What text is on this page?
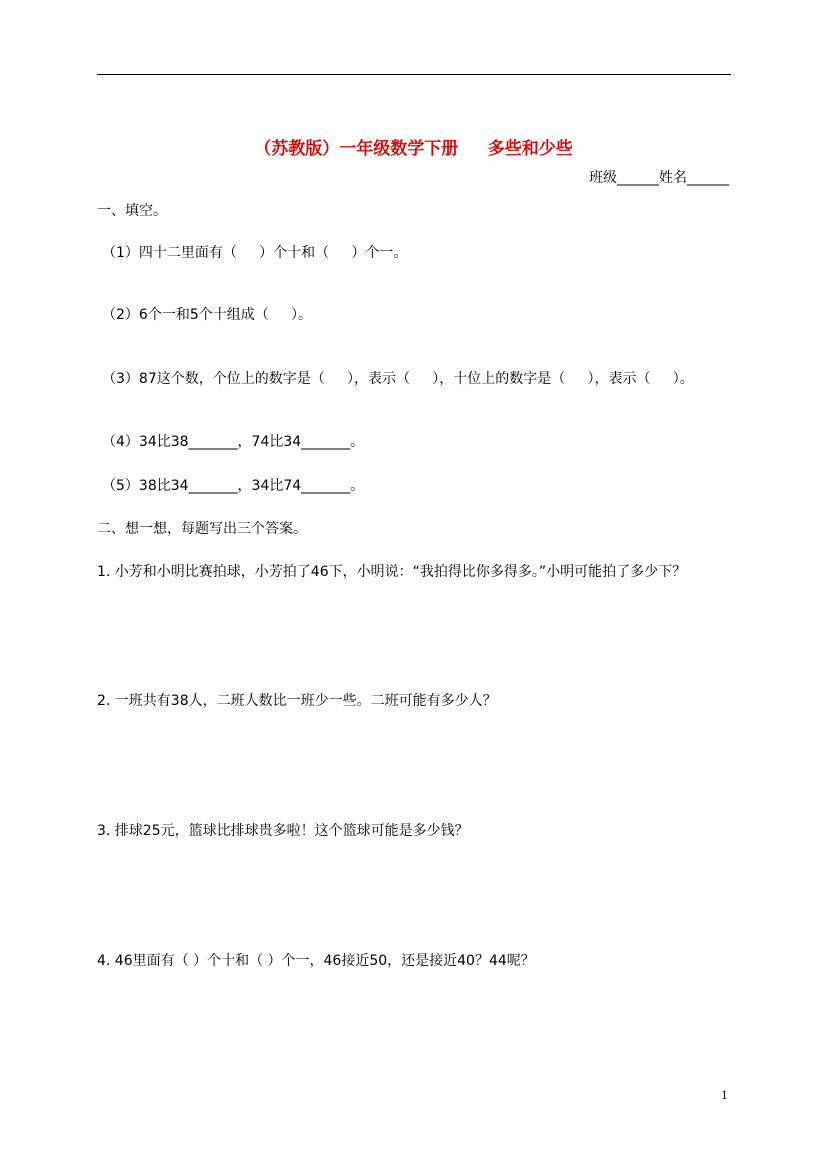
（苏教版）一年级数学下册     多些和少些
班级______姓名______
一、填空。
（1）四十二里面有（     ）个十和（     ）个一。
（2）6个一和5个十组成（     ）。
（3）87这个数，个位上的数字是（     ），表示（     ），十位上的数字是（     ），表示（     ）。
（4）34比38_______，74比34_______。
（5）38比34_______，34比74_______。
二、想一想，每题写出三个答案。
1. 小芳和小明比赛拍球，小芳拍了46下，小明说：“我拍得比你多得多。”小明可能拍了多少下？
2. 一班共有38人，二班人数比一班少一些。二班可能有多少人？
3. 排球25元，篮球比排球贵多啦！这个篮球可能是多少钱？
4. 46里面有（ ）个十和（ ）个一，46接近50，还是接近40？44呢？
1
